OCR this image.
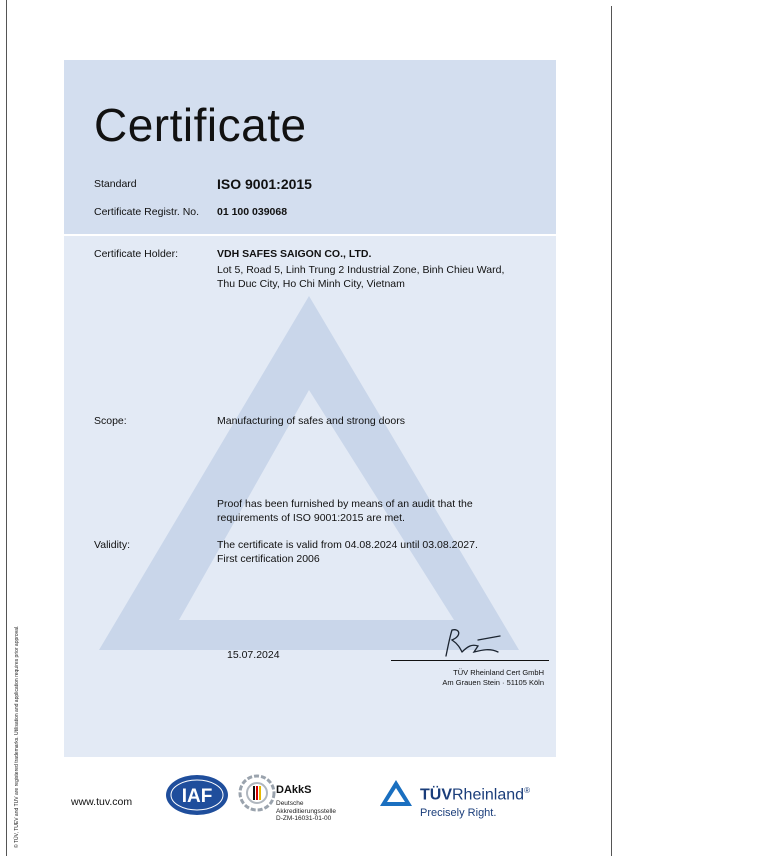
© TÜV, TUEV and TUV are registered trademarks. Utilisation and application requires prior approval.
Certificate
Standard	ISO 9001:2015
Certificate Registr. No. 01 100 039068
Certificate Holder:	VDH SAFES SAIGON CO., LTD.
Lot 5, Road 5, Linh Trung 2 Industrial Zone, Binh Chieu Ward,
Thu Duc City, Ho Chi Minh City, Vietnam
Scope:	Manufacturing of safes and strong doors
Proof has been furnished by means of an audit that the
requirements of ISO 9001:2015 are met.
Validity:	The certificate is valid from 04.08.2024 until 03.08.2027.
First certification 2006
15.07.2024
TÜV Rheinland Cert GmbH
Am Grauen Stein · 51105 Köln
www.tuv.com	IAF	DAkkS
Deutsche
Akkreditierungsstelle
D-ZM-16031-01-00
TÜVRheinland®
Precisely Right.
